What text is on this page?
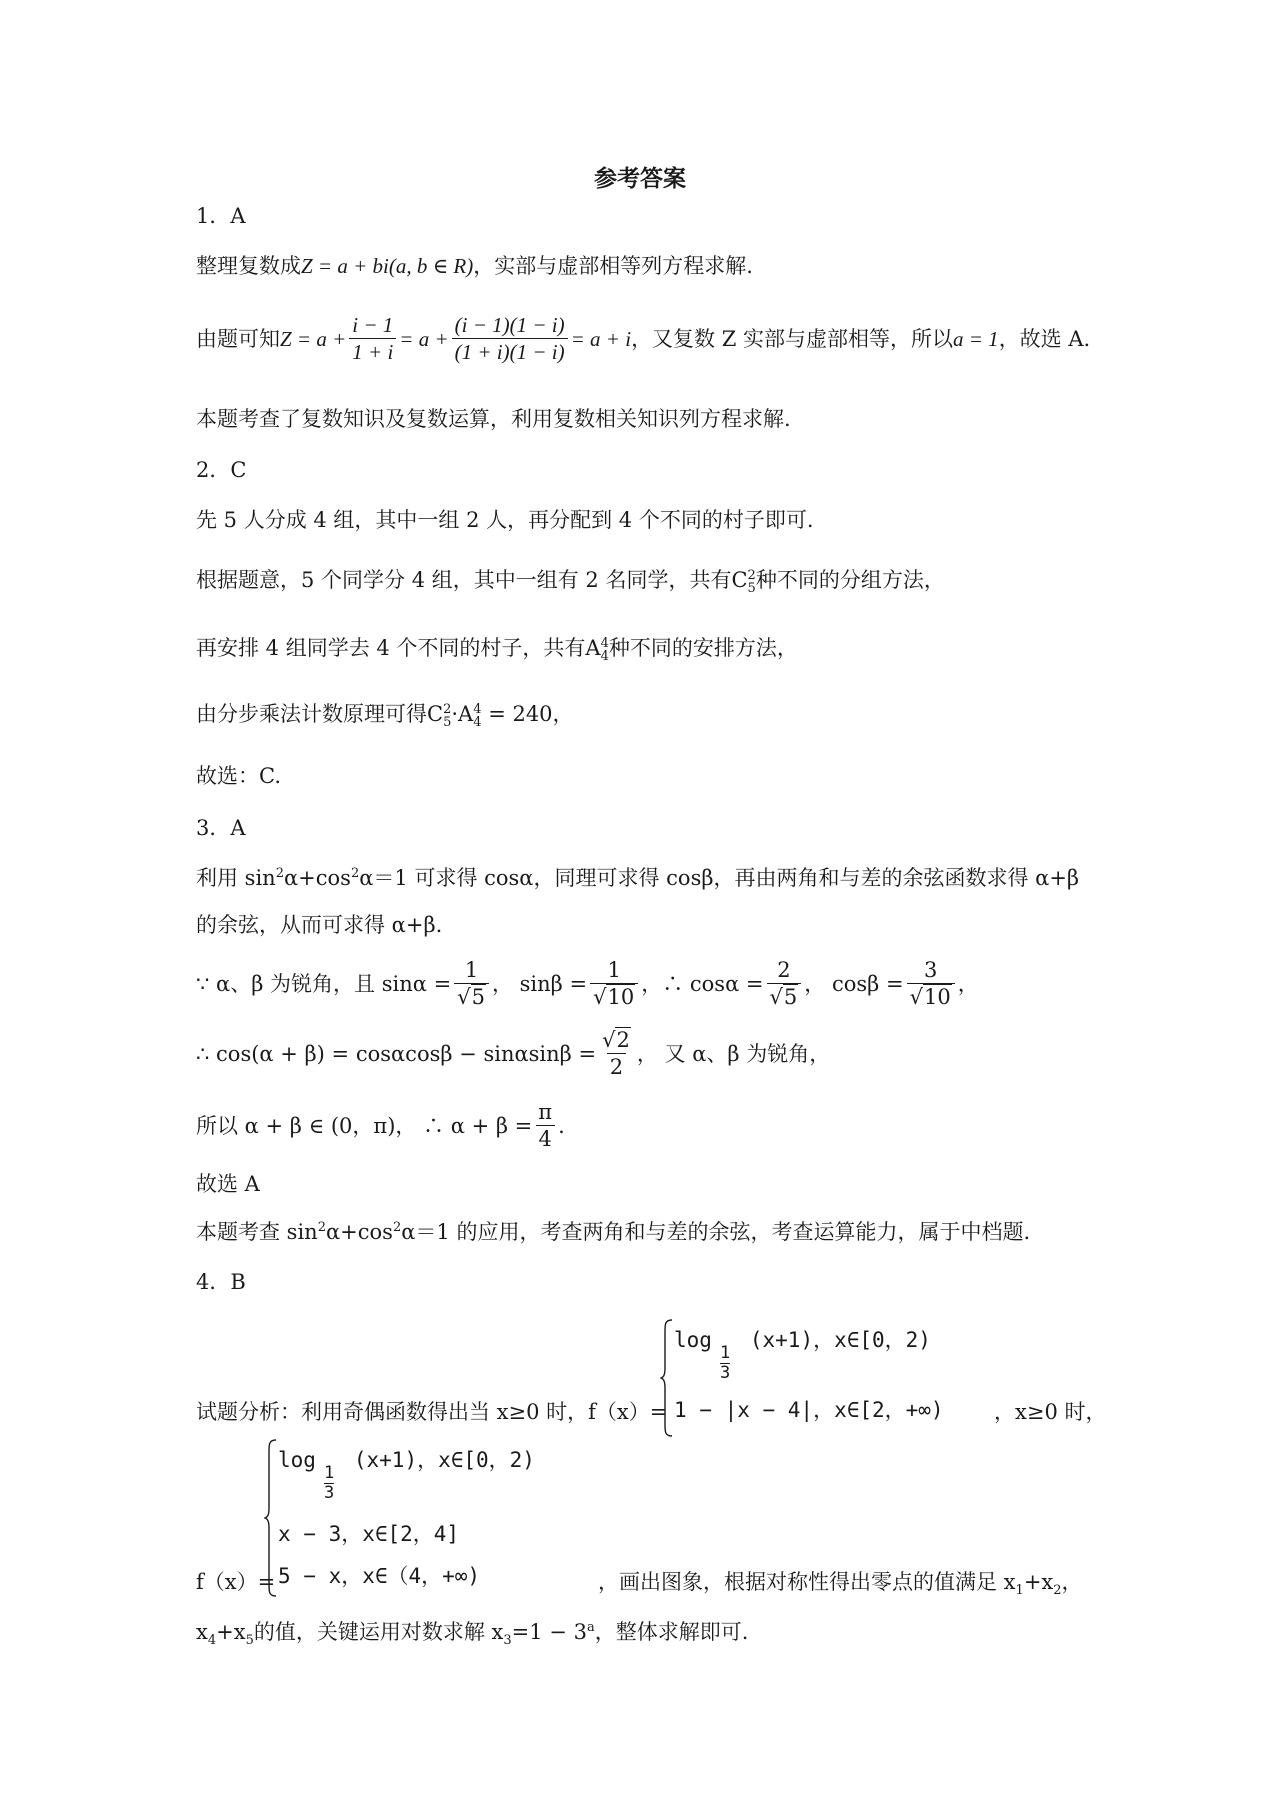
参考答案
1．A
整理复数成Z = a + bi(a, b ∈ R)，实部与虚部相等列方程求解.
由题可知 $Z = a + \frac{i - 1}{1 + i} = a + \frac{(i - 1)(1 - i)}{(1 + i)(1 - i)} = a + i$ ，又复数 Z 实部与虚部相等，所以 a = 1 ，故选 A.
本题考查了复数知识及复数运算，利用复数相关知识列方程求解.
2．C
先 5 人分成 4 组，其中一组 2 人，再分配到 4 个不同的村子即可.
根据题意，5 个同学分 4 组，其中一组有 2 名同学，共有C 2
5 种不同的分组方法，
再安排 4 组同学去 4 个不同的村子，共有A 4
4 种不同的安排方法，
由分步乘法计数原理可得C 2
5 ·A 4
4 = 240，
故选：C.
3．A
利用 $\sin^2\alpha+\cos^2\alpha=1$ 可求得 cosα，同理可求得 cosβ，再由两角和与差的余弦函数求得 α+β
的余弦，从而可求得 α+β.
∵ α、β 为锐角，且
$\sin\alpha = \frac{1}{√5}$ ， $\sin\beta = \frac{1}{√10}$ ，∴ $\cos\alpha = \frac{2}{√5}$ ， $\cos\beta = \frac{3}{√10}$ ，
∴ $\cos(\alpha + \beta) = \cos\alpha\cos\beta - \sin\alpha\sin\beta = \frac{√2}{2}$ ， 又 α、β 为锐角，
所以 α + β ∈ (0，π)， ∴ $\alpha + \beta = \frac{\pi}{4}$ .
故选 A
本题考查 $\sin^2\alpha+\cos^2\alpha=1$ 的应用，考查两角和与差的余弦，考查运算能力，属于中档题.
4．B
log (x+1)，x∈[0，2)
1
3
1 − |x − 4|，x∈[2，+∞)
试题分析：利用奇偶函数得出当 x≥0 时，f（x）=	，x≥0 时，
log (x+1)，x∈[0，2)
1
3
x − 3，x∈[2，4]
5 − x，x∈（4，+∞)
f（x）=	，画出图象，根据对称性得出零点的值满足 $x_1+x_2$，
$x_4+x_5$的值，关键运用对数求解 $x_3=1 - 3^a$，整体求解即可.
